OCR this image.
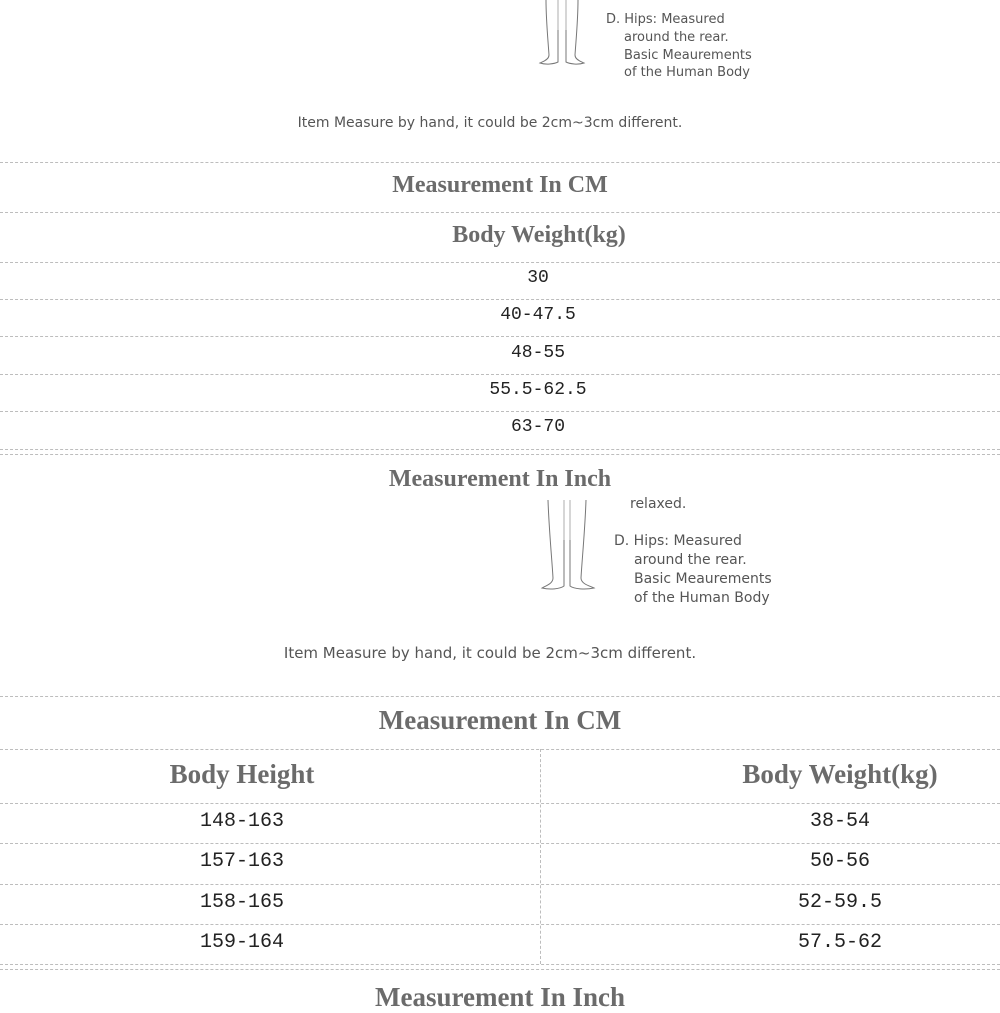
D. Hips: Measured
around the rear.
Basic Meaurements
of the Human Body
Item Measure by hand, it could be 2cm~3cm different.
Measurement In CM
Body Weight(kg)
30
40-47.5
48-55
55.5-62.5
63-70
Measurement In Inch
relaxed.
D. Hips: Measured
around the rear.
Basic Meaurements
of the Human Body
Item Measure by hand, it could be 2cm~3cm different.
Measurement In CM
Body Height	Body Weight(kg)
148-163	38-54
157-163	50-56
158-165	52-59.5
159-164	57.5-62
Measurement In Inch
